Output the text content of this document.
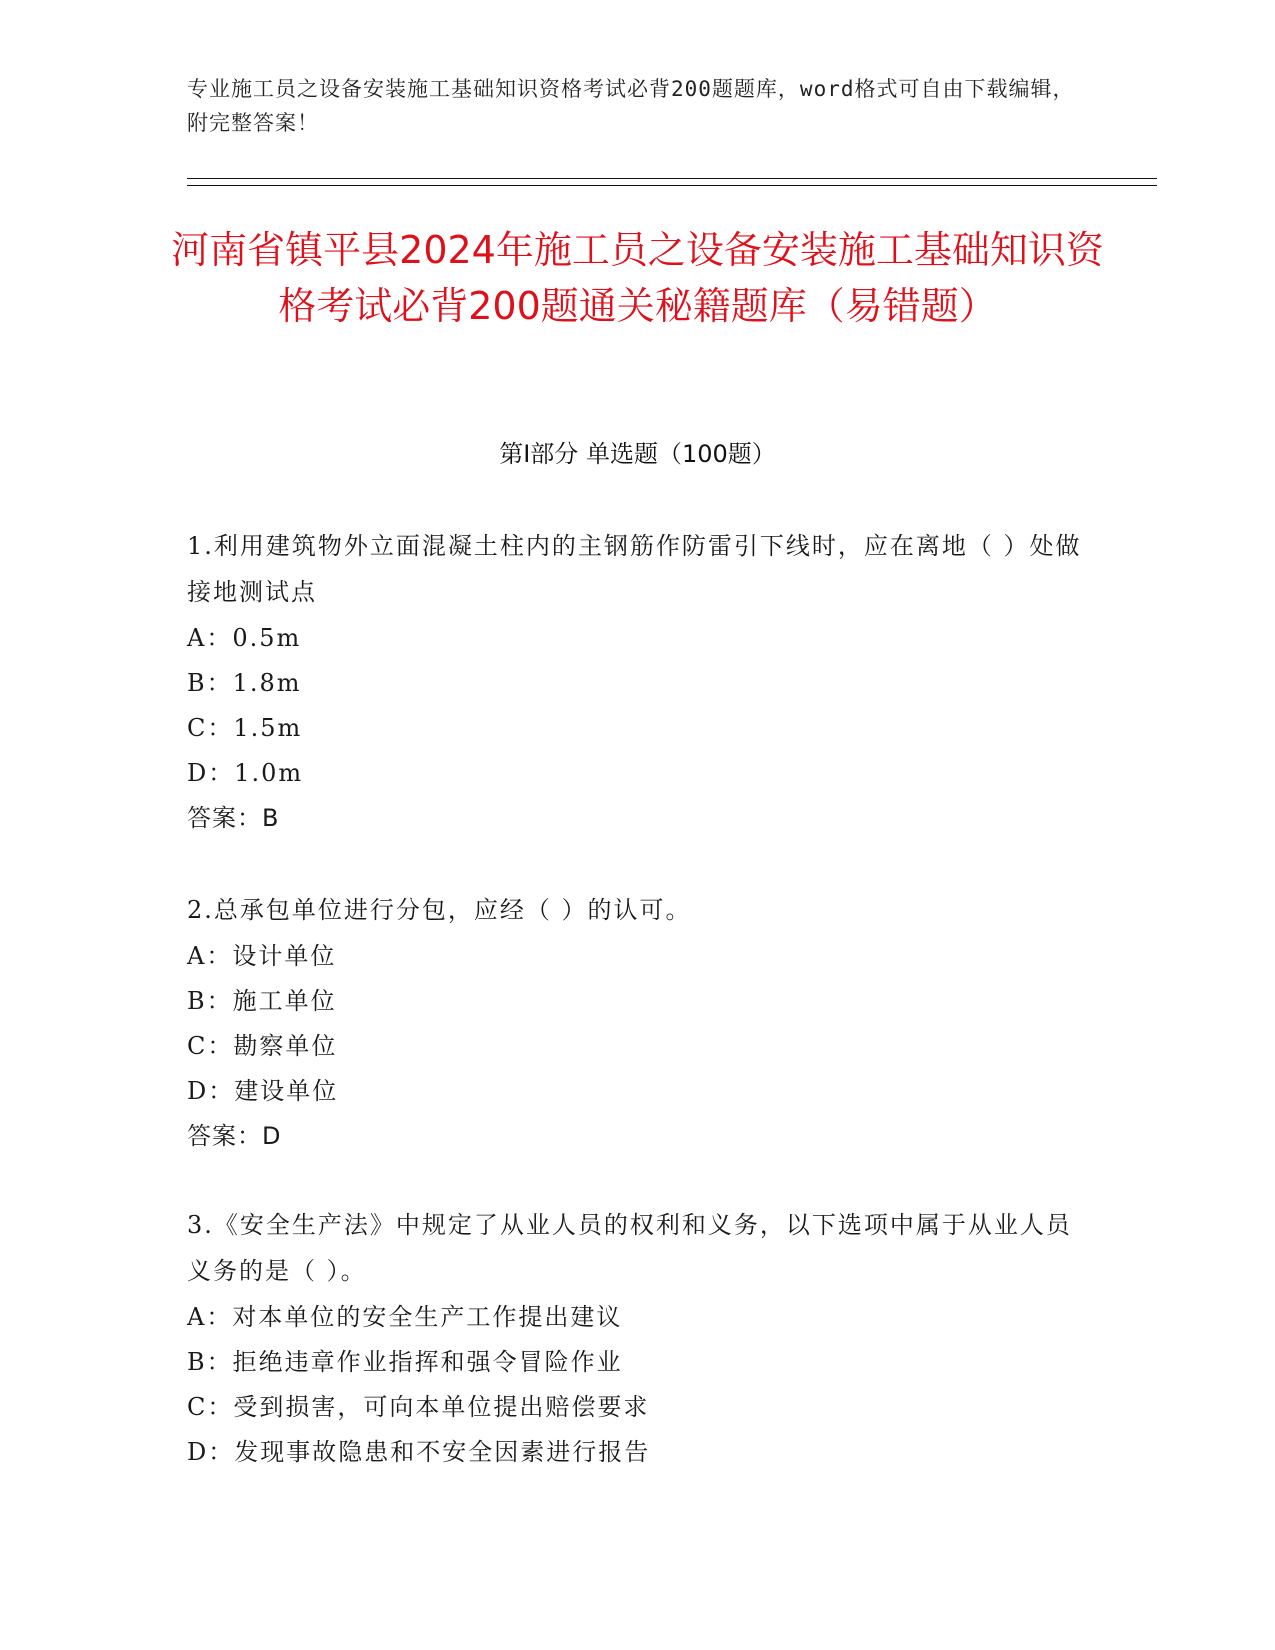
专业施工员之设备安装施工基础知识资格考试必背200题题库，word格式可自由下载编辑，附完整答案！
河南省镇平县2024年施工员之设备安装施工基础知识资格考试必背200题通关秘籍题库（易错题）
第Ⅰ部分 单选题（100题）
1.利用建筑物外立面混凝土柱内的主钢筋作防雷引下线时，应在离地（ ）处做接地测试点
A：0.5m
B：1.8m
C：1.5m
D：1.0m
答案：B
2.总承包单位进行分包，应经（ ）的认可。
A：设计单位
B：施工单位
C：勘察单位
D：建设单位
答案：D
3.《安全生产法》中规定了从业人员的权利和义务，以下选项中属于从业人员义务的是（ ）。
A：对本单位的安全生产工作提出建议
B：拒绝违章作业指挥和强令冒险作业
C：受到损害，可向本单位提出赔偿要求
D：发现事故隐患和不安全因素进行报告
